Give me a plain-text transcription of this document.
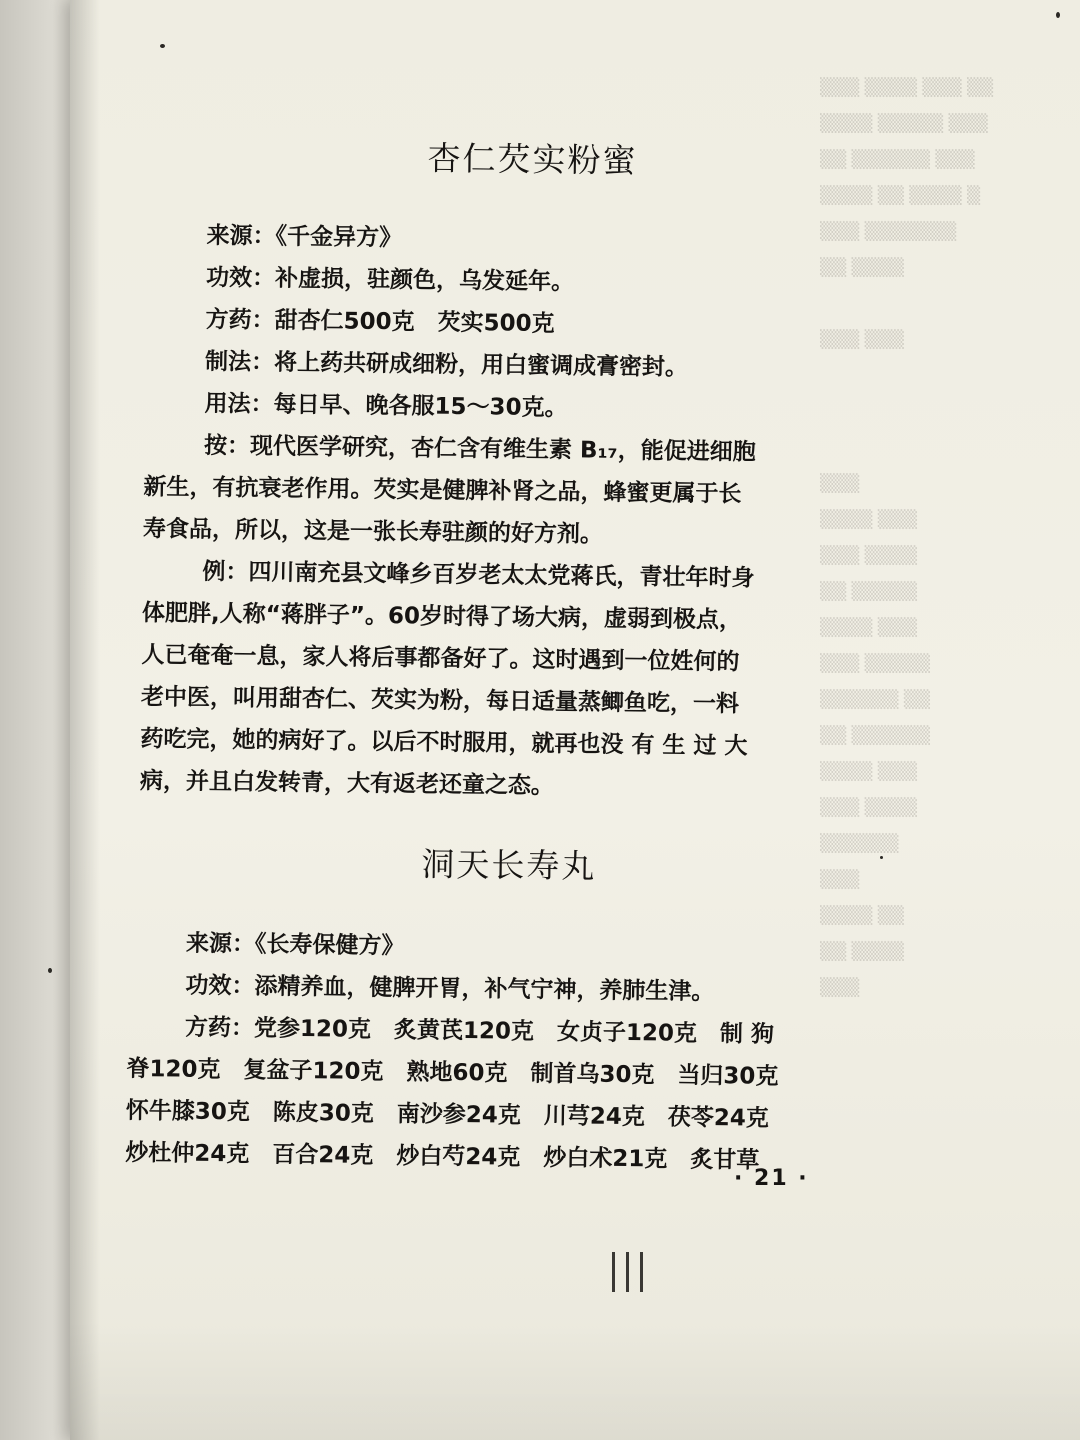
▒▒▒ ▒▒▒▒ ▒▒▒ ▒▒
▒▒▒▒ ▒▒▒▒▒ ▒▒▒
▒▒ ▒▒▒▒▒▒ ▒▒▒
▒▒▒▒ ▒▒ ▒▒▒▒ ▒
▒▒▒ ▒▒▒▒▒▒▒
▒▒ ▒▒▒▒
▒▒▒ ▒▒▒
▒▒▒
▒▒▒▒ ▒▒▒
▒▒▒ ▒▒▒▒
▒▒ ▒▒▒▒▒
▒▒▒▒ ▒▒▒
▒▒▒ ▒▒▒▒▒
▒▒▒▒▒▒ ▒▒
▒▒ ▒▒▒▒▒▒
▒▒▒▒ ▒▒▒
▒▒▒ ▒▒▒▒
▒▒▒▒▒▒
▒▒▒
▒▒▒▒ ▒▒
▒▒ ▒▒▒▒
▒▒▒
杏仁芡实粉蜜
来源：《千金异方》
功效：补虚损，驻颜色，乌发延年。
方药：甜杏仁500克　芡实500克
制法：将上药共研成细粉，用白蜜调成膏密封。
用法：每日早、晚各服15～30克。
按：现代医学研究，杏仁含有维生素 B₁₇，能促进细胞
新生，有抗衰老作用。芡实是健脾补肾之品，蜂蜜更属于长
寿食品，所以，这是一张长寿驻颜的好方剂。
例：四川南充县文峰乡百岁老太太党蒋氏，青壮年时身
体肥胖,人称“蒋胖子”。60岁时得了场大病，虚弱到极点，
人已奄奄一息，家人将后事都备好了。这时遇到一位姓何的
老中医，叫用甜杏仁、芡实为粉，每日适量蒸鲫鱼吃，一料
药吃完，她的病好了。以后不时服用，就再也没 有 生 过 大
病，并且白发转青，大有返老还童之态。
洞天长寿丸
来源：《长寿保健方》
功效：添精养血，健脾开胃，补气宁神，养肺生津。
方药：党参120克　炙黄芪120克　女贞子120克　制 狗
脊120克　复盆子120克　熟地60克　制首乌30克　当归30克
怀牛膝30克　陈皮30克　南沙参24克　川芎24克　茯苓24克
炒杜仲24克　百合24克　炒白芍24克　炒白术21克　炙甘草
· 21 ·
